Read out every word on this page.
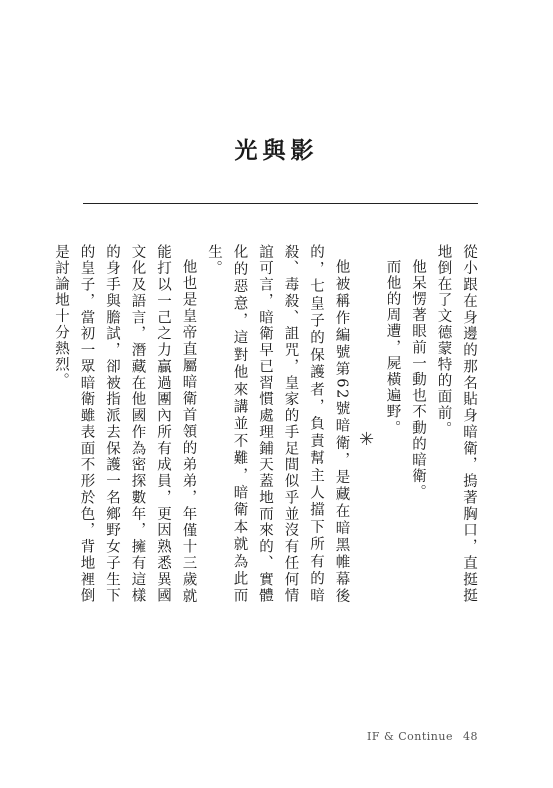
光與影

從小跟在身邊的那名貼身暗衛，摀著胸口，直挺挺地倒在了文德蒙特的面前。

他呆愣著眼前一動也不動的暗衛。

而他的周遭，屍橫遍野。

✳

他被稱作編號第62號暗衛，是藏在暗黑帷幕後的，七皇子的保護者，負責幫主人擋下所有的暗殺、毒殺、詛咒，皇家的手足間似乎並沒有任何情誼可言，暗衛早已習慣處理鋪天蓋地而來的、實體化的惡意，這對他來講並不難，暗衛本就為此而生。

他也是皇帝直屬暗衛首領的弟弟，年僅十三歲就能打以一己之力贏過團內所有成員，更因熟悉異國文化及語言，潛藏在他國作為密探數年，擁有這樣的身手與膽試，卻被指派去保護一名鄉野女子生下的皇子，當初一眾暗衛雖表面不形於色，背地裡倒是討論地十分熱烈。

IF & Continue 48
